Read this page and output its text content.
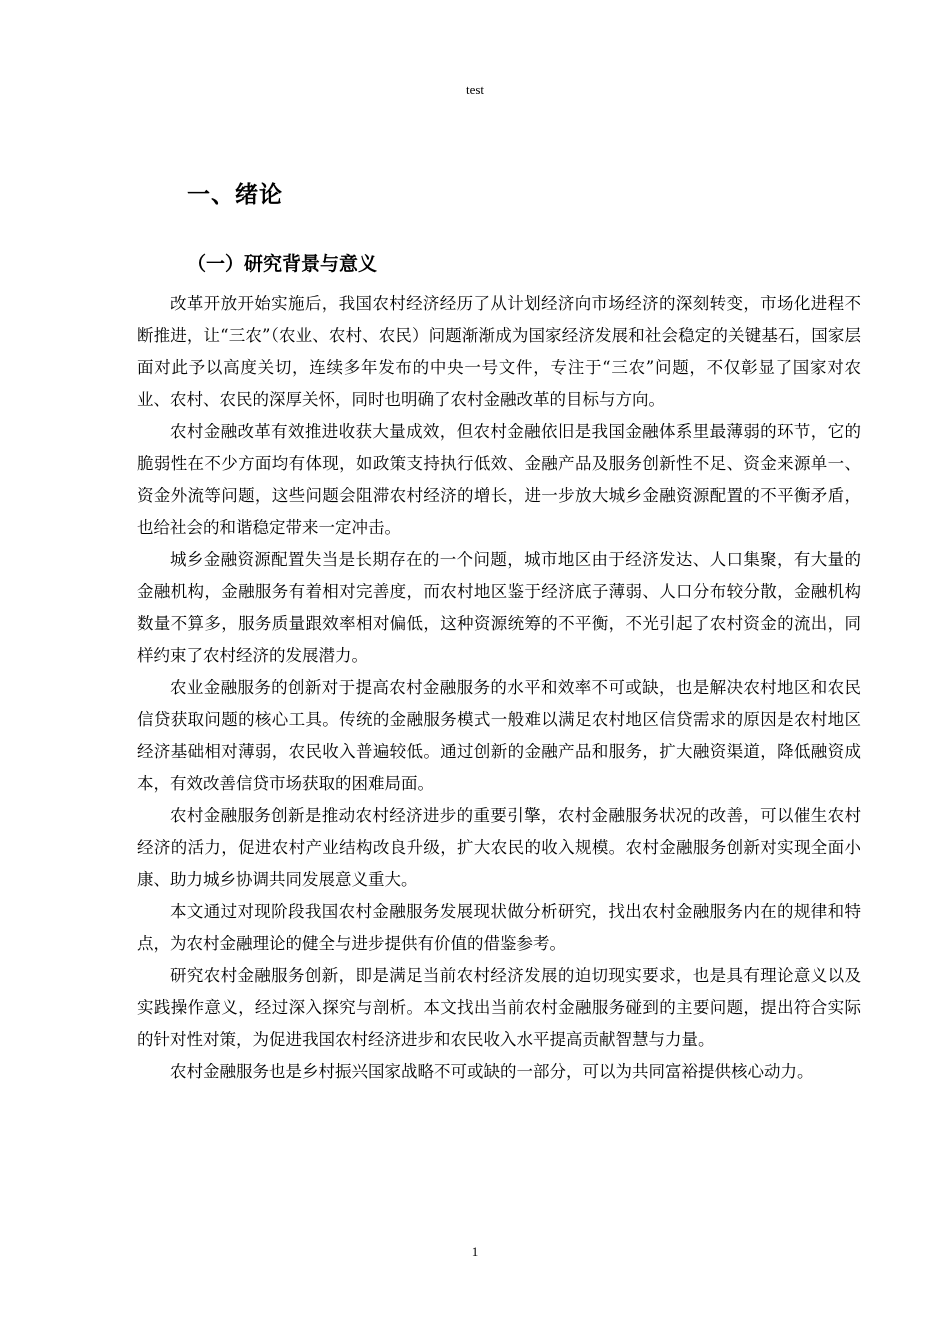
test
一、绪论
（一）研究背景与意义

改革开放开始实施后，我国农村经济经历了从计划经济向市场经济的深刻转变，市场化进程不断推进，让“三农”（农业、农村、农民）问题渐渐成为国家经济发展和社会稳定的关键基石，国家层面对此予以高度关切，连续多年发布的中央一号文件，专注于“三农”问题，不仅彰显了国家对农业、农村、农民的深厚关怀，同时也明确了农村金融改革的目标与方向。

农村金融改革有效推进收获大量成效，但农村金融依旧是我国金融体系里最薄弱的环节，它的脆弱性在不少方面均有体现，如政策支持执行低效、金融产品及服务创新性不足、资金来源单一、资金外流等问题，这些问题会阻滞农村经济的增长，进一步放大城乡金融资源配置的不平衡矛盾，也给社会的和谐稳定带来一定冲击。

城乡金融资源配置失当是长期存在的一个问题，城市地区由于经济发达、人口集聚，有大量的金融机构，金融服务有着相对完善度，而农村地区鉴于经济底子薄弱、人口分布较分散，金融机构数量不算多，服务质量跟效率相对偏低，这种资源统筹的不平衡，不光引起了农村资金的流出，同样约束了农村经济的发展潜力。

农业金融服务的创新对于提高农村金融服务的水平和效率不可或缺，也是解决农村地区和农民信贷获取问题的核心工具。传统的金融服务模式一般难以满足农村地区信贷需求的原因是农村地区经济基础相对薄弱，农民收入普遍较低。通过创新的金融产品和服务，扩大融资渠道，降低融资成本，有效改善信贷市场获取的困难局面。

农村金融服务创新是推动农村经济进步的重要引擎，农村金融服务状况的改善，可以催生农村经济的活力，促进农村产业结构改良升级，扩大农民的收入规模。农村金融服务创新对实现全面小康、助力城乡协调共同发展意义重大。

本文通过对现阶段我国农村金融服务发展现状做分析研究，找出农村金融服务内在的规律和特点，为农村金融理论的健全与进步提供有价值的借鉴参考。

研究农村金融服务创新，即是满足当前农村经济发展的迫切现实要求，也是具有理论意义以及实践操作意义，经过深入探究与剖析。本文找出当前农村金融服务碰到的主要问题，提出符合实际的针对性对策，为促进我国农村经济进步和农民收入水平提高贡献智慧与力量。

农村金融服务也是乡村振兴国家战略不可或缺的一部分，可以为共同富裕提供核心动力。

1
